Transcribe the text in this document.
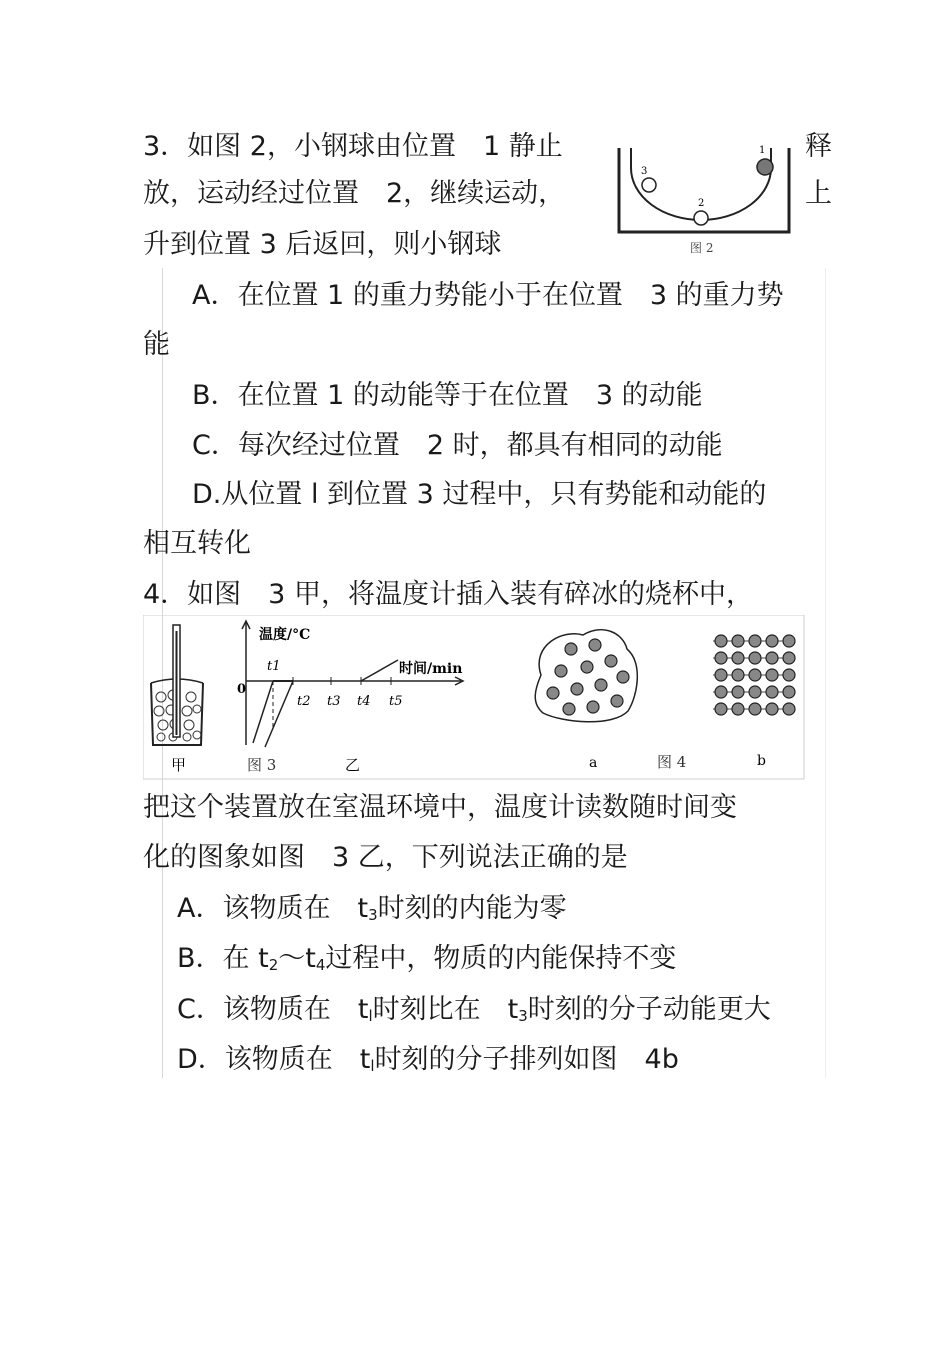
3．如图 2，小钢球由位置　1 静止	释
放，运动经过位置　2，继续运动，	上
升到位置 3 后返回，则小钢球
1
2
3
图 2
A．在位置 1 的重力势能小于在位置　3 的重力势
能
B．在位置 1 的动能等于在位置　3 的动能
C．每次经过位置　2 时，都具有相同的动能
D.从位置 l 到位置 3 过程中，只有势能和动能的
相互转化
4．如图　3 甲，将温度计插入装有碎冰的烧杯中，
甲	图 3
温度/°C
时间/min
0
t1
t2 t3 t4 t5
乙	a	图 4	b
把这个装置放在室温环境中，温度计读数随时间变
化的图象如图　3 乙，下列说法正确的是
A．该物质在　$t_3$时刻的内能为零
B．在 $t_2\sim t_4$过程中，物质的内能保持不变
C．该物质在　$t_l$时刻比在　$t_3$时刻的分子动能更大
D．该物质在　$t_l$时刻的分子排列如图　4b
